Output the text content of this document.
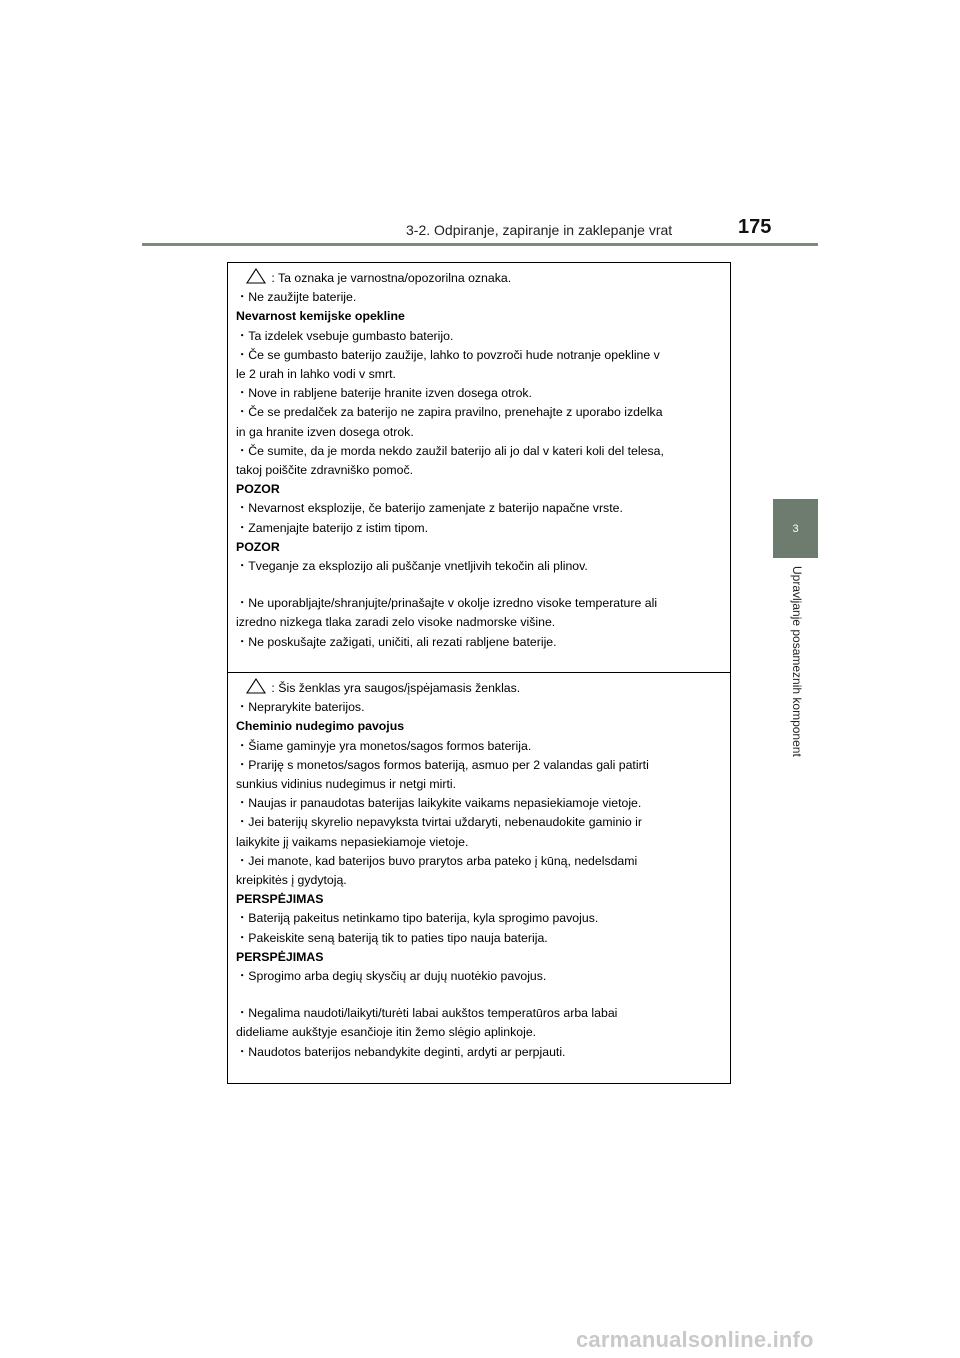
3-2. Odpiranje, zapiranje in zaklepanje vrat	175
3
Upravljanje posameznih komponent
: Ta oznaka je varnostna/opozorilna oznaka.
・Ne zaužijte baterije.
Nevarnost kemijske opekline
・Ta izdelek vsebuje gumbasto baterijo.
・Če se gumbasto baterijo zaužije, lahko to povzroči hude notranje opekline v
le 2 urah in lahko vodi v smrt.
・Nove in rabljene baterije hranite izven dosega otrok.
・Če se predalček za baterijo ne zapira pravilno, prenehajte z uporabo izdelka
in ga hranite izven dosega otrok.
・Če sumite, da je morda nekdo zaužil baterijo ali jo dal v kateri koli del telesa,
takoj poiščite zdravniško pomoč.
POZOR
・Nevarnost eksplozije, če baterijo zamenjate z baterijo napačne vrste.
・Zamenjajte baterijo z istim tipom.
POZOR
・Tveganje za eksplozijo ali puščanje vnetljivih tekočin ali plinov.
・Ne uporabljajte/shranjujte/prinašajte v okolje izredno visoke temperature ali
izredno nizkega tlaka zaradi zelo visoke nadmorske višine.
・Ne poskušajte zažigati, uničiti, ali rezati rabljene baterije.
: Šis ženklas yra saugos/įspėjamasis ženklas.
・Neprarykite baterijos.
Cheminio nudegimo pavojus
・Šiame gaminyje yra monetos/sagos formos baterija.
・Prariję s monetos/sagos formos bateriją, asmuo per 2 valandas gali patirti
sunkius vidinius nudegimus ir netgi mirti.
・Naujas ir panaudotas baterijas laikykite vaikams nepasiekiamoje vietoje.
・Jei baterijų skyrelio nepavyksta tvirtai uždaryti, nebenaudokite gaminio ir
laikykite jį vaikams nepasiekiamoje vietoje.
・Jei manote, kad baterijos buvo prarytos arba pateko į kūną, nedelsdami
kreipkitės į gydytoją.
PERSPĖJIMAS
・Bateriją pakeitus netinkamo tipo baterija, kyla sprogimo pavojus.
・Pakeiskite seną bateriją tik to paties tipo nauja baterija.
PERSPĖJIMAS
・Sprogimo arba degių skysčių ar dujų nuotėkio pavojus.
・Negalima naudoti/laikyti/turėti labai aukštos temperatūros arba labai
dideliame aukštyje esančioje itin žemo slėgio aplinkoje.
・Naudotos baterijos nebandykite deginti, ardyti ar perpjauti.
carmanualsonline.info
